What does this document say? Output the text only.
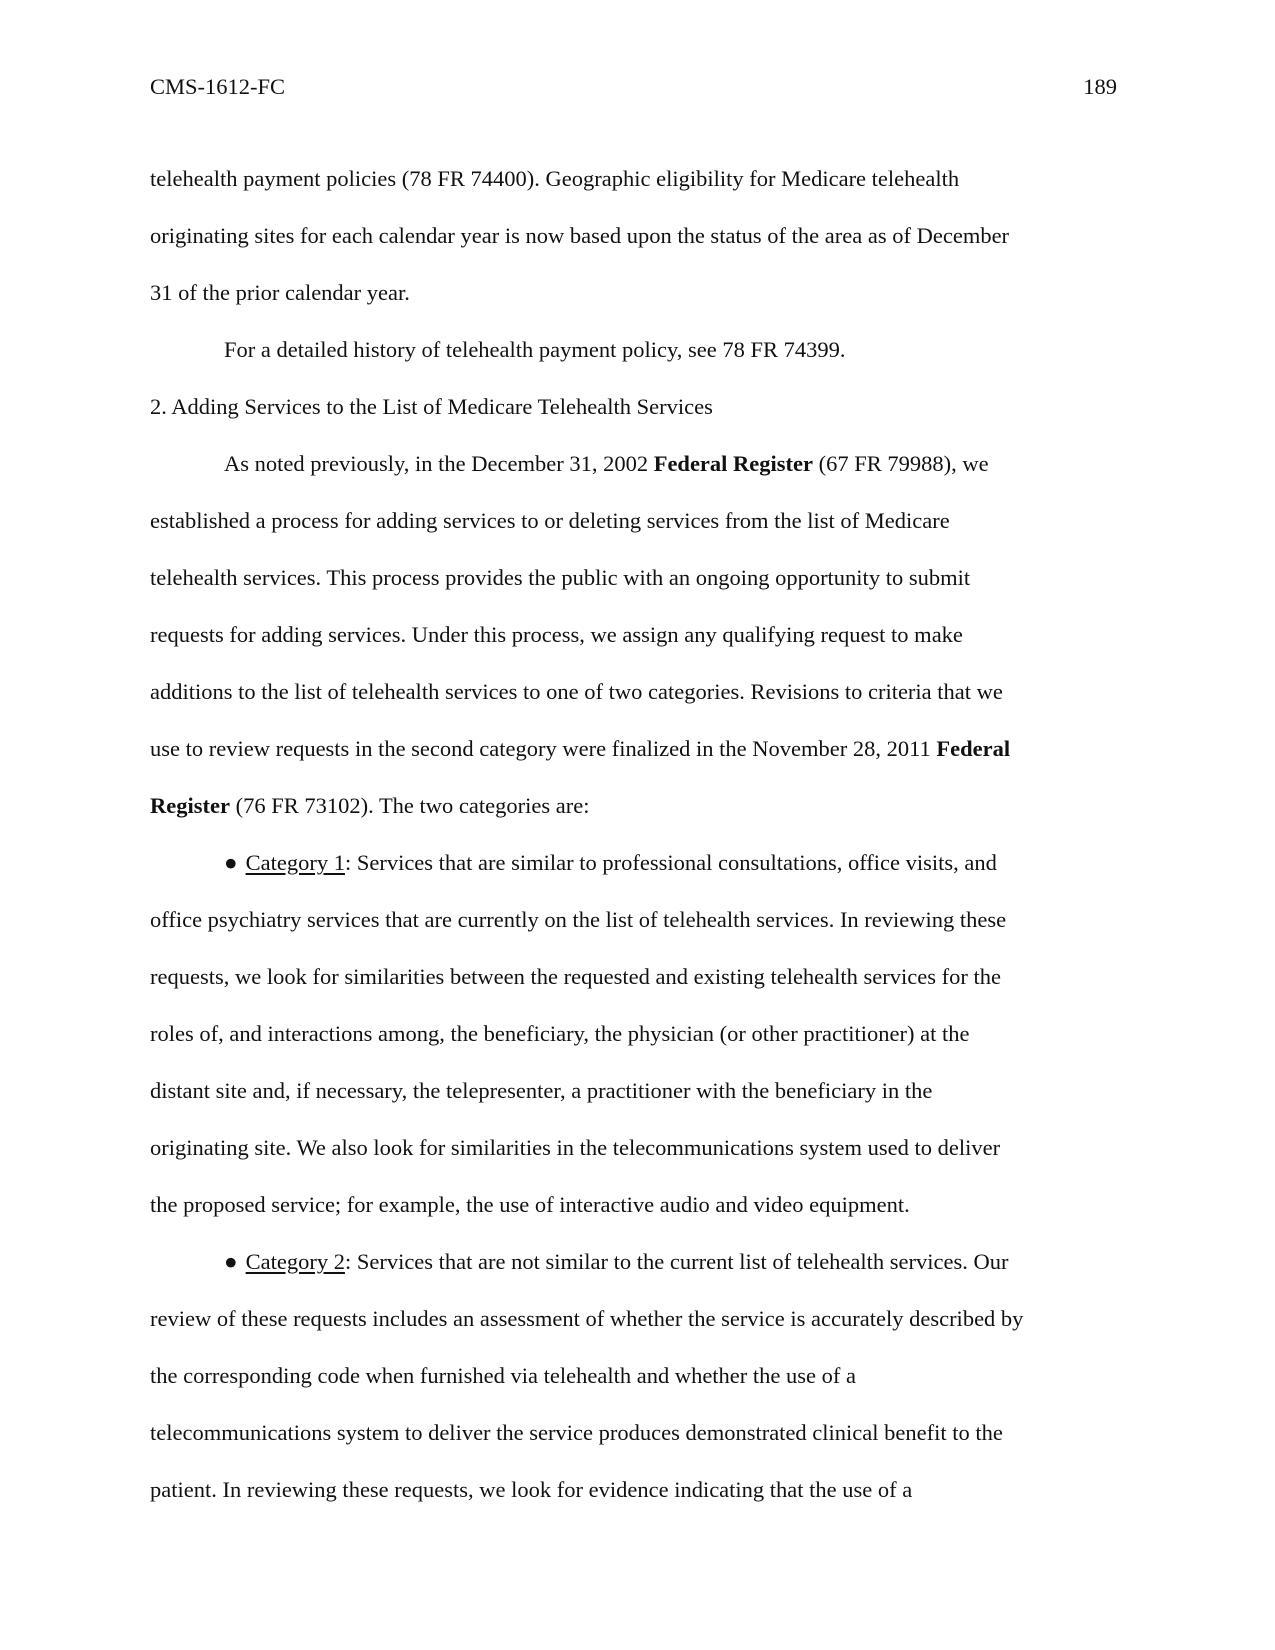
CMS-1612-FC	189

telehealth payment policies (78 FR 74400). Geographic eligibility for Medicare telehealth

originating sites for each calendar year is now based upon the status of the area as of December

31 of the prior calendar year.

For a detailed history of telehealth payment policy, see 78 FR 74399.

2. Adding Services to the List of Medicare Telehealth Services

As noted previously, in the December 31, 2002 Federal Register (67 FR 79988), we

established a process for adding services to or deleting services from the list of Medicare

telehealth services. This process provides the public with an ongoing opportunity to submit

requests for adding services. Under this process, we assign any qualifying request to make

additions to the list of telehealth services to one of two categories. Revisions to criteria that we

use to review requests in the second category were finalized in the November 28, 2011 Federal

Register (76 FR 73102). The two categories are:

● Category 1: Services that are similar to professional consultations, office visits, and

office psychiatry services that are currently on the list of telehealth services. In reviewing these

requests, we look for similarities between the requested and existing telehealth services for the

roles of, and interactions among, the beneficiary, the physician (or other practitioner) at the

distant site and, if necessary, the telepresenter, a practitioner with the beneficiary in the

originating site. We also look for similarities in the telecommunications system used to deliver

the proposed service; for example, the use of interactive audio and video equipment.

● Category 2: Services that are not similar to the current list of telehealth services. Our

review of these requests includes an assessment of whether the service is accurately described by

the corresponding code when furnished via telehealth and whether the use of a

telecommunications system to deliver the service produces demonstrated clinical benefit to the

patient. In reviewing these requests, we look for evidence indicating that the use of a
